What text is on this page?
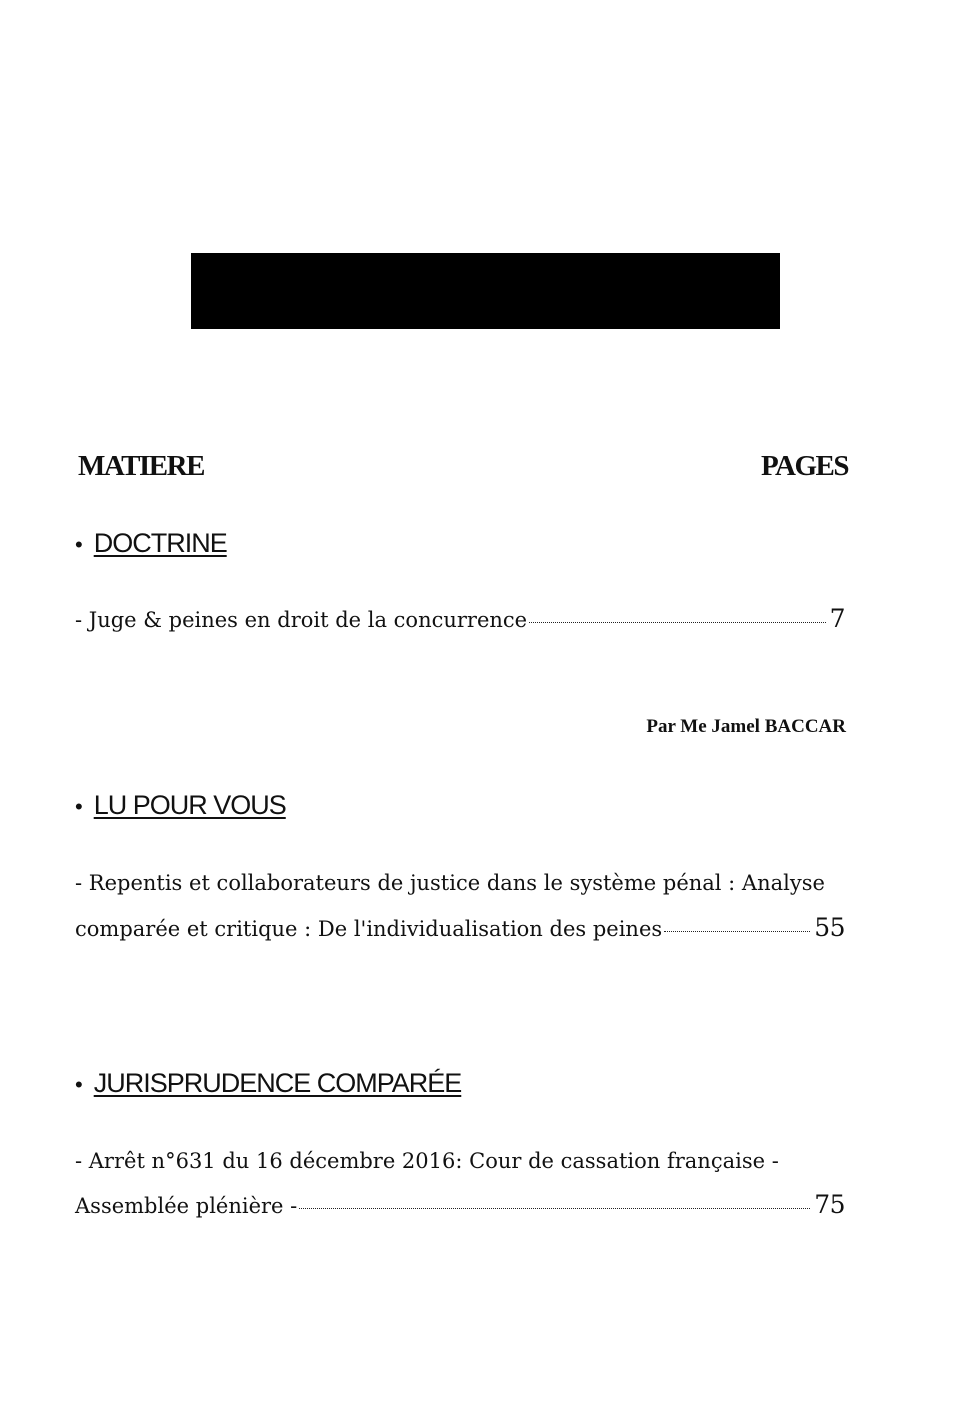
MATIERE	PAGES
• DOCTRINE
- Juge & peines en droit de la concurrence	7
Par Me Jamel BACCAR
• LU POUR VOUS
- Repentis et collaborateurs de justice dans le système pénal : Analyse
comparée et critique : De l'individualisation des peines	55
• JURISPRUDENCE COMPARÉE
- Arrêt n°631 du 16 décembre 2016: Cour de cassation française -
Assemblée plénière -	75
